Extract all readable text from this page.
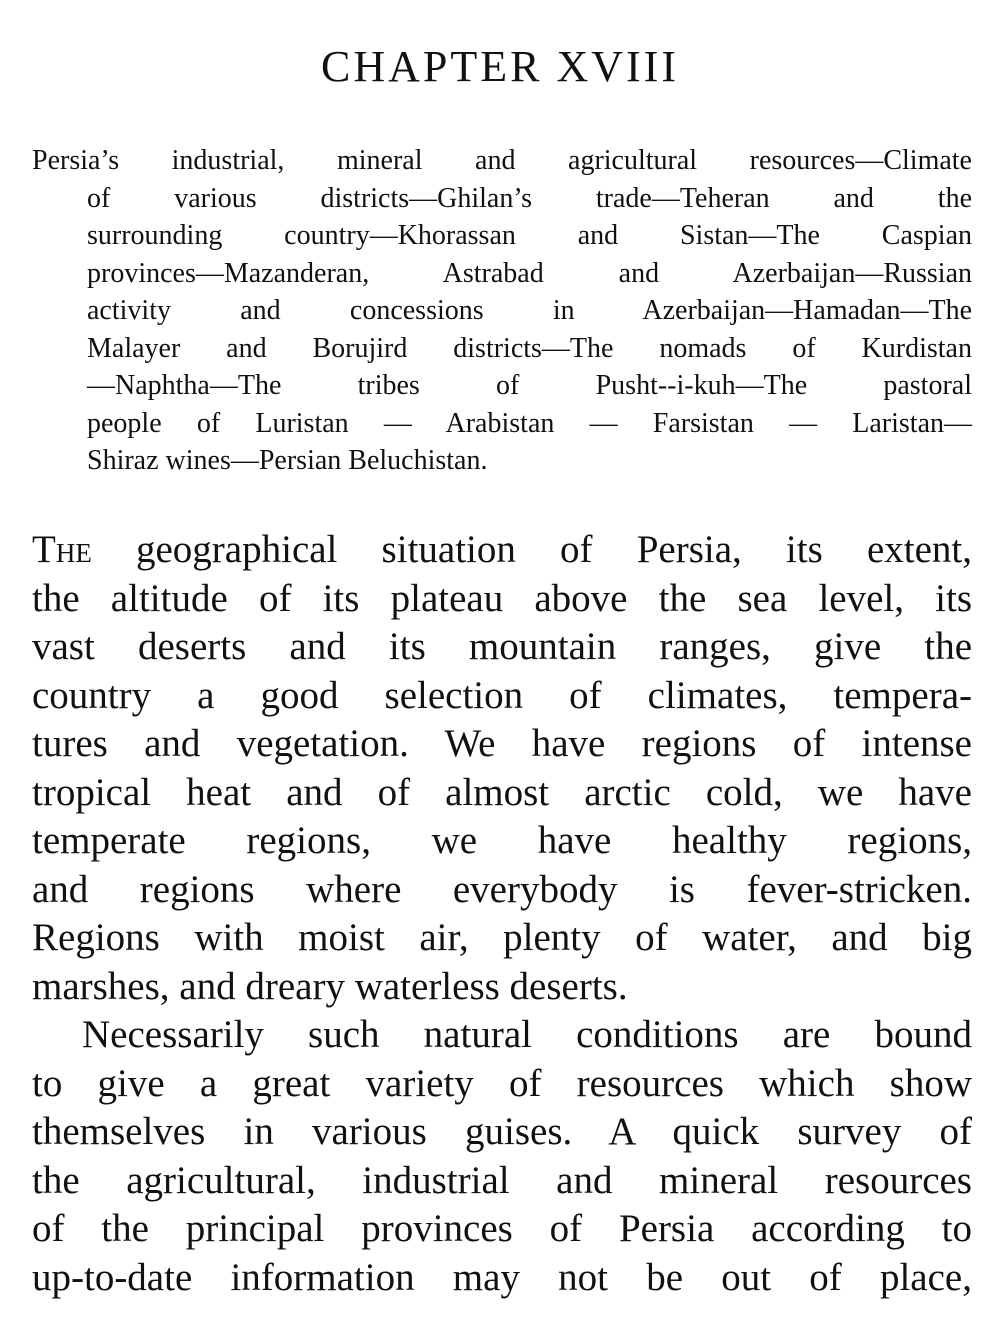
CHAPTER XVIII
Persia’s industrial, mineral and agricultural resources—Climate
of various districts—Ghilan’s trade—Teheran and the
surrounding country—Khorassan and Sistan—The Caspian
provinces—Mazanderan, Astrabad and Azerbaijan—Russian
activity and concessions in Azerbaijan—Hamadan—The
Malayer and Borujird districts—The nomads of Kurdistan
—Naphtha—The tribes of Pusht--i-kuh—The pastoral
people of Luristan — Arabistan — Farsistan — Laristan—
Shiraz wines—Persian Beluchistan.
The geographical situation of Persia, its extent,
the altitude of its plateau above the sea level, its
vast deserts and its mountain ranges, give the
country a good selection of climates, tempera-
tures and vegetation. We have regions of intense
tropical heat and of almost arctic cold, we have
temperate regions, we have healthy regions,
and regions where everybody is fever-stricken.
Regions with moist air, plenty of water, and big
marshes, and dreary waterless deserts.
Necessarily such natural conditions are bound
to give a great variety of resources which show
themselves in various guises. A quick survey of
the agricultural, industrial and mineral resources
of the principal provinces of Persia according to
up-to-date information may not be out of place,
